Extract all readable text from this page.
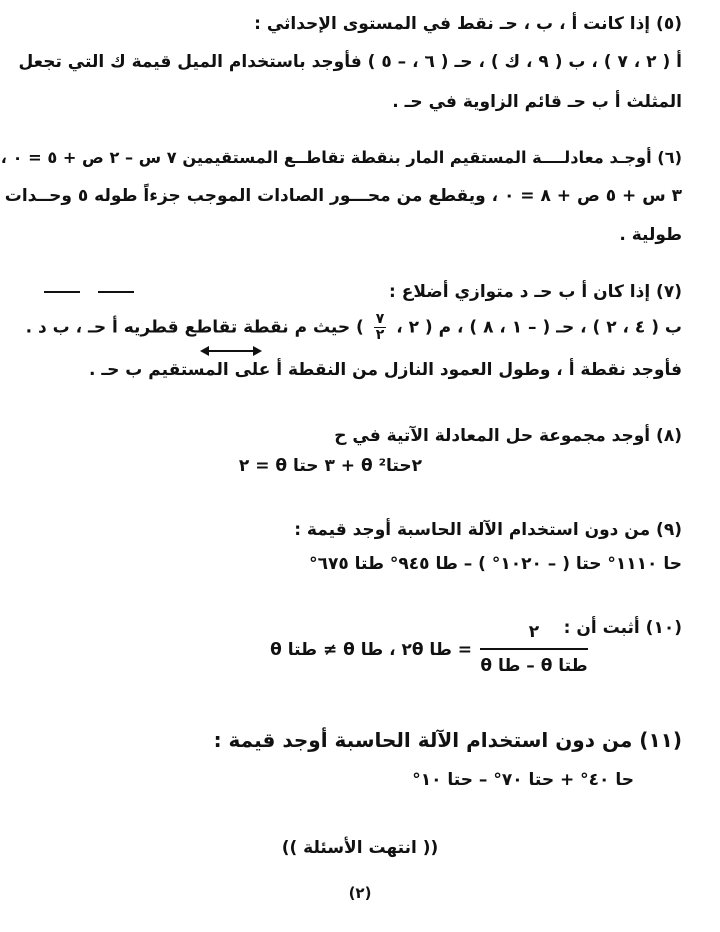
(٥) إذا كانت أ ، ب ، حـ نقط في المستوى الإحداثي :
أ ( ٢ ، ٧ ) ، ب ( ٩ ، ك ) ، حـ ( ٦ ، – ٥ ) فأوجد باستخدام الميل قيمة ك التي تجعل
المثلث أ ب حـ قائم الزاوية في حـ .
(٦) أوجـد معادلــــة المستقيم المار بنقطة تقاطــع المستقيمين ٧ س – ٢ ص + ٥ = ٠ ،
٣ س + ٥ ص + ٨ = ٠ ، ويقطع من محـــور الصادات الموجب جزءاً طوله ٥ وحــدات
طولية .
(٧) إذا كان أ ب حـ د متوازي أضلاع :
ب ( ٤ ، ٢ ) ، حـ ( – ١ ، ٨ ) ، م ( ٢ ،
٧
٢
) حيث م نقطة تقاطع قطريه أ حـ ، ب د .
فأوجد نقطة أ ، وطول العمود النازل من النقطة أ على المستقيم ب حـ .
(٨) أوجد مجموعة حل المعادلة الآتية في ح
٢حتا² θ + ٣ حتا θ = ٢
(٩) من دون استخدام الآلة الحاسبة أوجد قيمة :
حا ١١١٠° حتا ( – ١٠٢٠° ) – طا ٩٤٥° طتا ٦٧٥°
(١٠) أثبت أن :
٢
طتا θ – طا θ
= طا ٢θ ، طا θ ≠ طتا θ
(١١) من دون استخدام الآلة الحاسبة أوجد قيمة :
حا ٤٠° + حتا ٧٠° – حتا ١٠°
(( انتهت الأسئلة ))
(٢)
